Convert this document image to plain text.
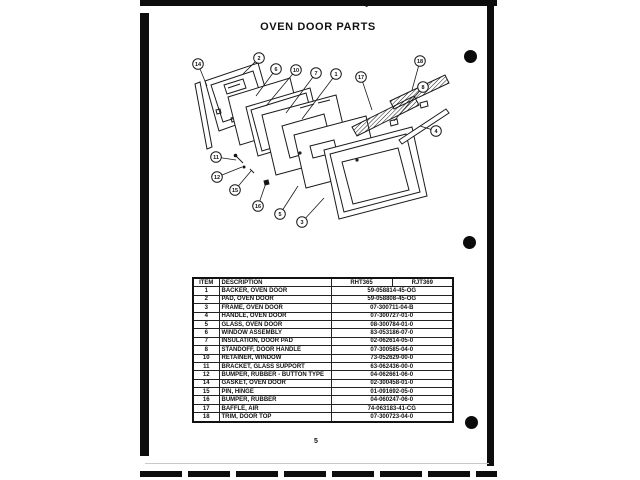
OVEN DOOR PARTS
14
2
6	10	7	1	17
18
8
4
11
12
15
16
5
3
ITEM	DESCRIPTION	RHT365	RJT369
1	BACKER, OVEN DOOR	59-058814-45-OG	
2	PAD, OVEN DOOR	59-058808-45-OG	
3	FRAME, OVEN DOOR	07-300711-04-B	
4	HANDLE, OVEN DOOR	07-300727-01-0	
5	GLASS, OVEN DOOR	08-300784-01-0	
6	WINDOW ASSEMBLY	83-053186-07-0	
7	INSULATION, DOOR PAD	02-062614-05-0	
8	STANDOFF, DOOR HANDLE	07-300585-04-0	
10	RETAINER, WINDOW	73-052629-00-0	
11	BRACKET, GLASS SUPPORT	63-062436-00-0	
12	BUMPER, RUBBER - BUTTON TYPE	04-062661-06-0	
14	GASKET, OVEN DOOR	02-300458-01-0	
15	PIN, HINGE	01-091692-05-0	
16	BUMPER, RUBBER	04-060247-06-0	
17	BAFFLE, AIR	74-063183-41-CG	
18	TRIM, DOOR TOP	07-300723-04-0	
5
